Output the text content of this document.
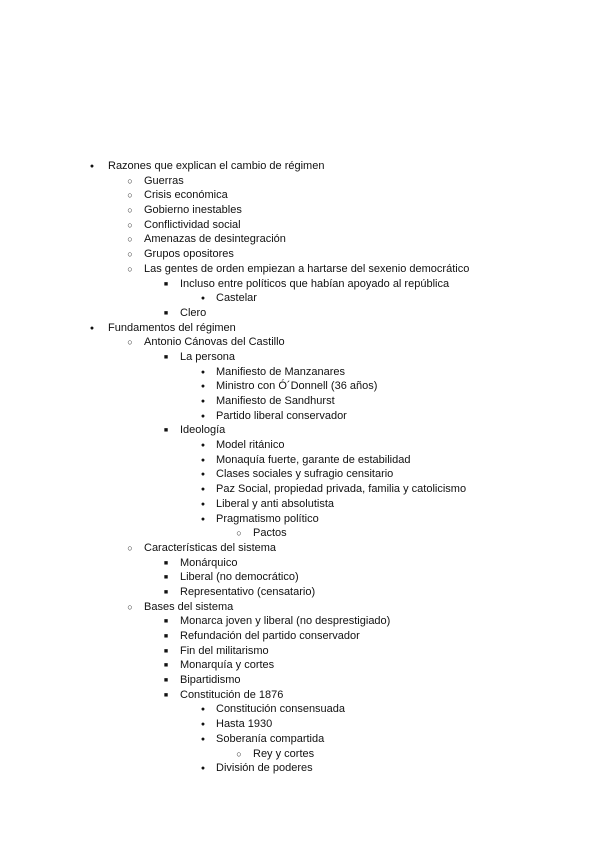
●
Razones que explican el cambio de régimen
○
Guerras
○
Crisis económica
○
Gobierno inestables
○
Conflictividad social
○
Amenazas de desintegración
○
Grupos opositores
○
Las gentes de orden empiezan a hartarse del sexenio democrático
■
Incluso entre políticos que habían apoyado al república
●
Castelar
■
Clero
●
Fundamentos del régimen
○
Antonio Cánovas del Castillo
■
La persona
●
Manifiesto de Manzanares
●
Ministro con Ó´Donnell (36 años)
●
Manifiesto de Sandhurst
●
Partido liberal conservador
■
Ideología
●
Model ritánico
●
Monaquía fuerte, garante de estabilidad
●
Clases sociales y sufragio censitario
●
Paz Social, propiedad privada, familia y catolicismo
●
Liberal y anti absolutista
●
Pragmatismo político
○
Pactos
○
Características del sistema
■
Monárquico
■
Liberal (no democrático)
■
Representativo (censatario)
○
Bases del sistema
■
Monarca joven y liberal (no desprestigiado)
■
Refundación del partido conservador
■
Fin del militarismo
■
Monarquía y cortes
■
Bipartidismo
■
Constitución de 1876
●
Constitución consensuada
●
Hasta 1930
●
Soberanía compartida
○
Rey y cortes
●
División de poderes
